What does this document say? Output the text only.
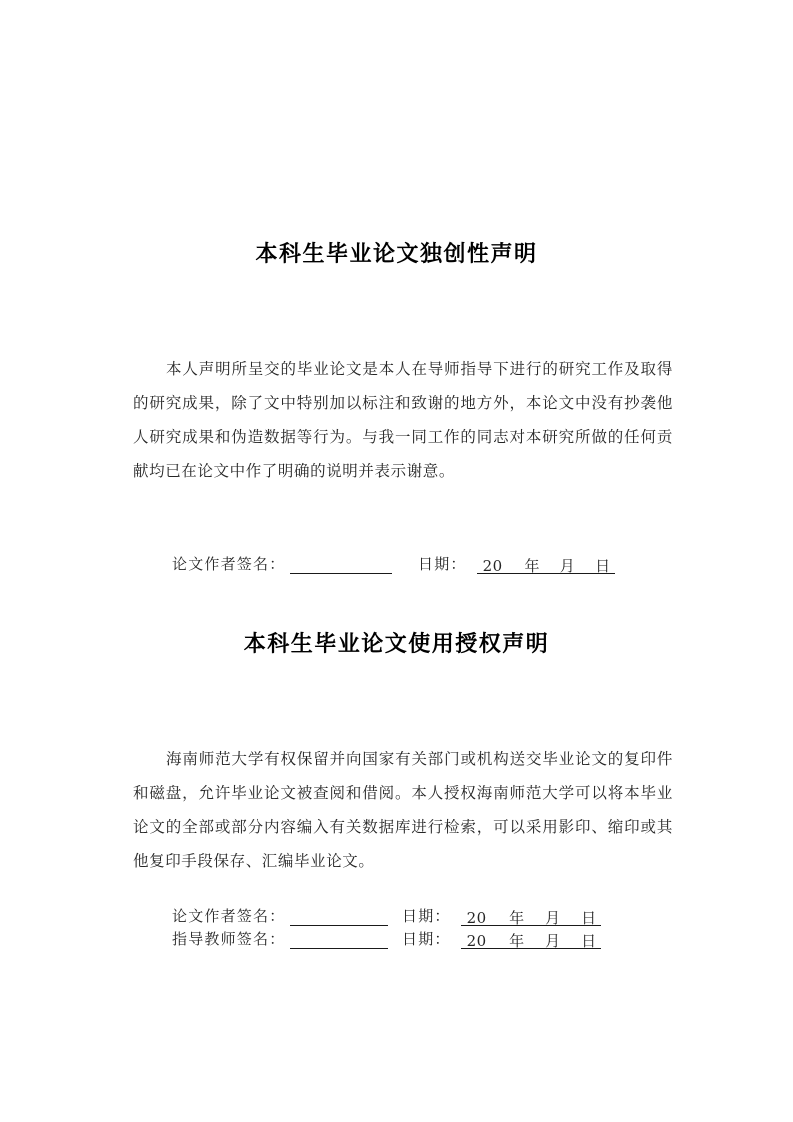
本科生毕业论文独创性声明

本人声明所呈交的毕业论文是本人在导师指导下进行的研究工作及取得的研究成果，除了文中特别加以标注和致谢的地方外，本论文中没有抄袭他人研究成果和伪造数据等行为。与我一同工作的同志对本研究所做的任何贡献均已在论文中作了明确的说明并表示谢意。

论文作者签名：	日期： 20 年 月 日
本科生毕业论文使用授权声明

海南师范大学有权保留并向国家有关部门或机构送交毕业论文的复印件和磁盘，允许毕业论文被查阅和借阅。本人授权海南师范大学可以将本毕业论文的全部或部分内容编入有关数据库进行检索，可以采用影印、缩印或其他复印手段保存、汇编毕业论文。

论文作者签名：	日期： 20 年 月 日
指导教师签名：	日期： 20 年 月 日
